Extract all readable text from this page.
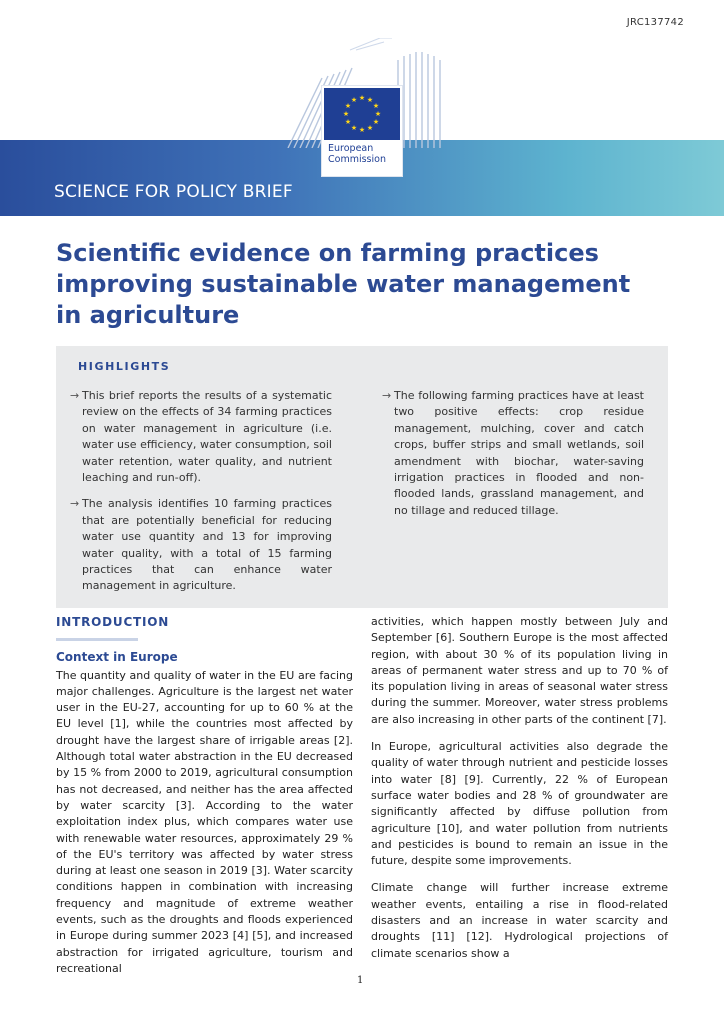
JRC137742
SCIENCE FOR POLICY BRIEF
★ ★
★
★
★
★
★
★
★
★
★
★
European
Commission
Scientific evidence on farming practices improving sustainable water management in agriculture
HIGHLIGHTS
→ This brief reports the results of a systematic review on the effects of 34 farming practices on water management in agriculture (i.e. water use efficiency, water consumption, soil water retention, water quality, and nutrient leaching and run-off).
→ The analysis identifies 10 farming practices that are potentially beneficial for reducing water use quantity and 13 for improving water quality, with a total of 15 farming practices that can enhance water management in agriculture.
→ The following farming practices have at least two positive effects: crop residue management, mulching, cover and catch crops, buffer strips and small wetlands, soil amendment with biochar, water-saving irrigation practices in flooded and non-flooded lands, grassland management, and no tillage and reduced tillage.
INTRODUCTION
Context in Europe

The quantity and quality of water in the EU are facing major challenges. Agriculture is the largest net water user in the EU-27, accounting for up to 60 % at the EU level [1], while the countries most affected by drought have the largest share of irrigable areas [2]. Although total water abstraction in the EU decreased by 15 % from 2000 to 2019, agricultural consumption has not decreased, and neither has the area affected by water scarcity [3]. According to the water exploitation index plus, which compares water use with renewable water resources, approximately 29 % of the EU's territory was affected by water stress during at least one season in 2019 [3]. Water scarcity conditions happen in combination with increasing frequency and magnitude of extreme weather events, such as the droughts and floods experienced in Europe during summer 2023 [4] [5], and increased abstraction for irrigated agriculture, tourism and recreational

activities, which happen mostly between July and September [6]. Southern Europe is the most affected region, with about 30 % of its population living in areas of permanent water stress and up to 70 % of its population living in areas of seasonal water stress during the summer. Moreover, water stress problems are also increasing in other parts of the continent [7].

In Europe, agricultural activities also degrade the quality of water through nutrient and pesticide losses into water [8] [9]. Currently, 22 % of European surface water bodies and 28 % of groundwater are significantly affected by diffuse pollution from agriculture [10], and water pollution from nutrients and pesticides is bound to remain an issue in the future, despite some improvements.

Climate change will further increase extreme weather events, entailing a rise in flood-related disasters and an increase in water scarcity and droughts [11] [12]. Hydrological projections of climate scenarios show a

1
